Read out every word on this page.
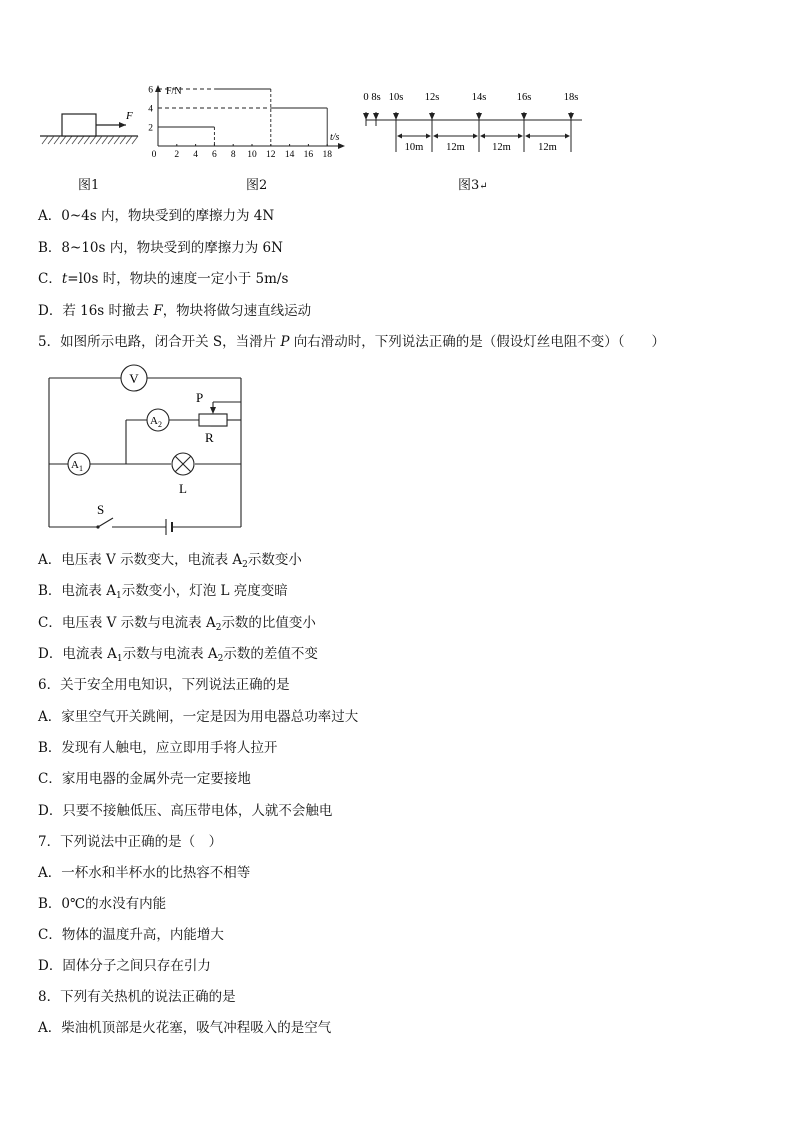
F
图1
F/N
t/s
0 2 4 6 8 10 12 14 16 18
2
4
6
图2
0 8s 10s 12s	14s	16s	18s
10m 12m	12m	12m
图3↵
A．0~4s 内，物块受到的摩擦力为 4N
B．8~10s 内，物块受到的摩擦力为 6N
C．t=l0s 时，物块的速度一定小于 5m/s
D．若 16s 时撤去 F，物块将做匀速直线运动
5．如图所示电路，闭合开关 S，当滑片 P 向右滑动时，下列说法正确的是（假设灯丝电阻不变）（　　）
P
R
V
$A_2$
$A_1$
L
S
A．电压表 V 示数变大，电流表 $A_2$示数变小
B．电流表 $A_1$示数变小，灯泡 L 亮度变暗
C．电压表 V 示数与电流表 $A_2$示数的比值变小
D．电流表 $A_1$示数与电流表 $A_2$示数的差值不变
6．关于安全用电知识，下列说法正确的是
A．家里空气开关跳闸，一定是因为用电器总功率过大
B．发现有人触电，应立即用手将人拉开
C．家用电器的金属外壳一定要接地
D．只要不接触低压、高压带电体，人就不会触电
7．下列说法中正确的是（　）
A．一杯水和半杯水的比热容不相等
B．0℃的水没有内能
C．物体的温度升高，内能增大
D．固体分子之间只存在引力
8．下列有关热机的说法正确的是
A．柴油机顶部是火花塞，吸气冲程吸入的是空气
